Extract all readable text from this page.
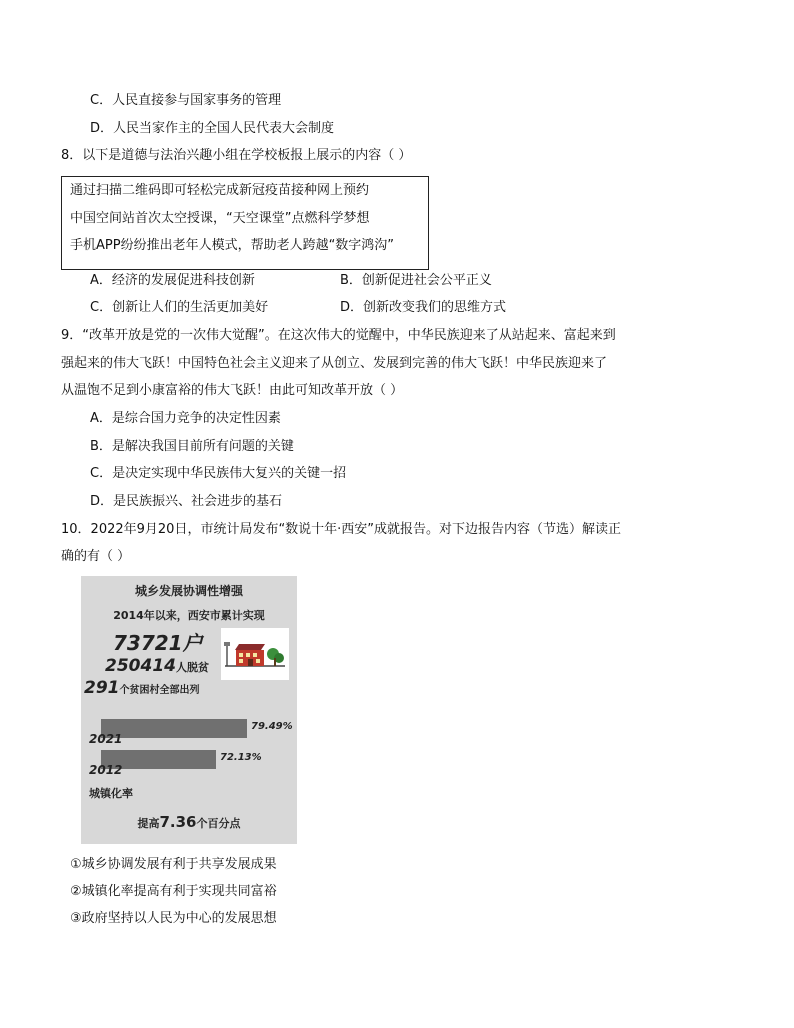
C．人民直接参与国家事务的管理
D．人民当家作主的全国人民代表大会制度
8．以下是道德与法治兴趣小组在学校板报上展示的内容（ ）
通过扫描二维码即可轻松完成新冠疫苗接种网上预约
中国空间站首次太空授课，“天空课堂”点燃科学梦想
手机APP纷纷推出老年人模式，帮助老人跨越“数字鸿沟”
A．经济的发展促进科技创新	B．创新促进社会公平正义
C．创新让人们的生活更加美好	D．创新改变我们的思维方式
9．“改革开放是党的一次伟大觉醒”。在这次伟大的觉醒中，中华民族迎来了从站起来、富起来到
强起来的伟大飞跃！中国特色社会主义迎来了从创立、发展到完善的伟大飞跃！中华民族迎来了
从温饱不足到小康富裕的伟大飞跃！由此可知改革开放（ ）
A．是综合国力竞争的决定性因素
B．是解决我国目前所有问题的关键
C．是决定实现中华民族伟大复兴的关键一招
D．是民族振兴、社会进步的基石
10．2022年9月20日，市统计局发布“数说十年·西安”成就报告。对下边报告内容（节选）解读正
确的有（ ）
城乡发展协调性增强
2014年以来，西安市累计实现
73721户
250414人脱贫
291个贫困村全部出列
城镇化率
提高7.36个百分点
79.49%
2021
72.13%
2012
①城乡协调发展有利于共享发展成果
②城镇化率提高有利于实现共同富裕
③政府坚持以人民为中心的发展思想
